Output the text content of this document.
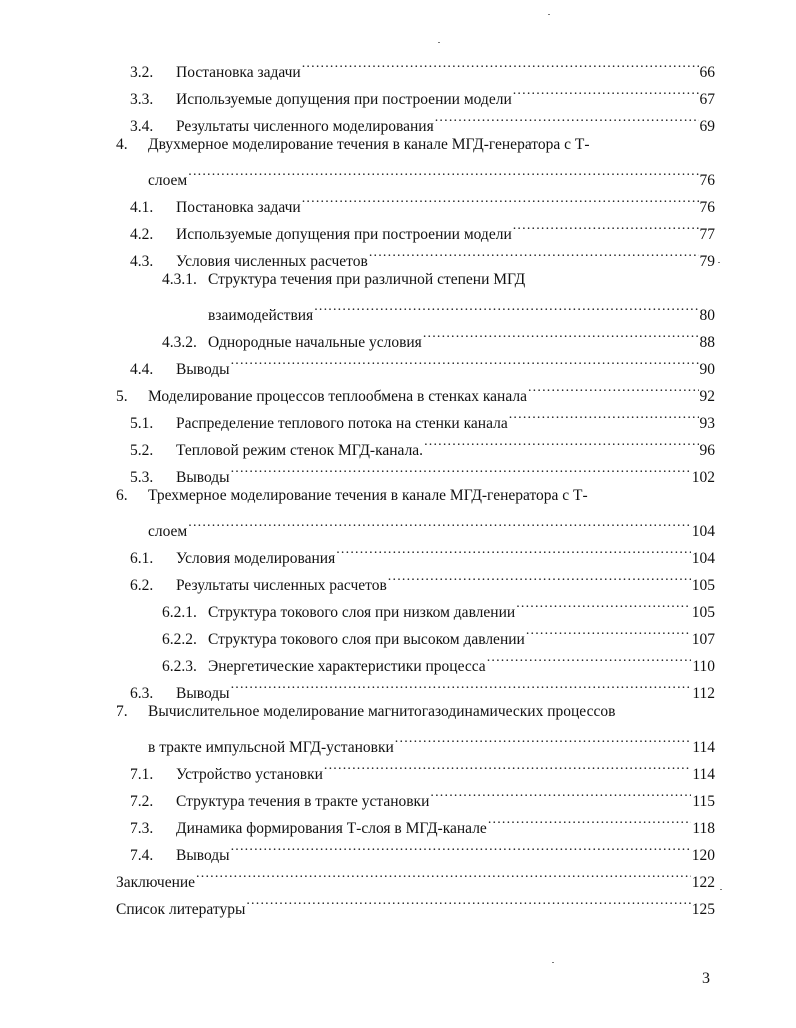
3.2.	Постановка задачи .....	66
3.3.	Используемые допущения при построении модели .....	67
3.4.	Результаты численного моделирования .....	69
4.	Двухмерное моделирование течения в канале МГД-генератора с Т-
слоем .....	76
4.1.	Постановка задачи .....	76
4.2.	Используемые допущения при построении модели .....	77
4.3.	Условия численных расчетов .....	79
4.3.1. Структура течения при различной степени МГД
взаимодействия .....	80
4.3.2. Однородные начальные условия .....	88
4.4.	Выводы .....	90
5.	Моделирование процессов теплообмена в стенках канала .....	92
5.1.	Распределение теплового потока на стенки канала .....	93
5.2.	Тепловой режим стенок МГД-канала. .....	96
5.3.	Выводы .....	102
6.	Трехмерное моделирование течения в канале МГД-генератора с Т-
слоем .....	104
6.1.	Условия моделирования .....	104
6.2.	Результаты численных расчетов .....	105
6.2.1. Структура токового слоя при низком давлении .....	105
6.2.2. Структура токового слоя при высоком давлении .....	107
6.2.3. Энергетические характеристики процесса .....	110
6.3.	Выводы .....	112
7.	Вычислительное моделирование магнитогазодинамических процессов
в тракте импульсной МГД-установки .....	114
7.1.	Устройство установки .....	114
7.2.	Структура течения в тракте установки .....	115
7.3.	Динамика формирования Т-слоя в МГД-канале .....	118
7.4.	Выводы .....	120
Заключение .....	122
Список литературы .....	125
3
